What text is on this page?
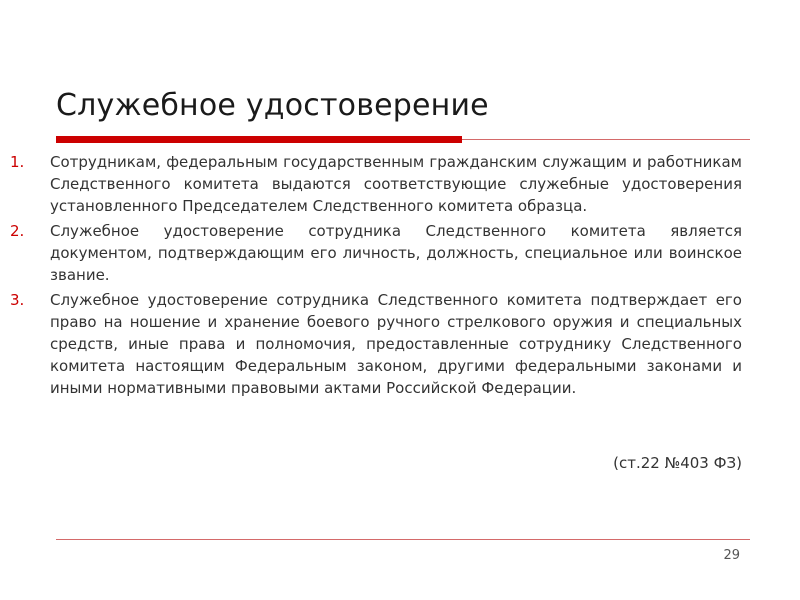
Служебное удостоверение
1.	Сотрудникам, федеральным государственным гражданским служащим и работникам Следственного комитета выдаются соответствующие служебные удостоверения установленного Председателем Следственного комитета образца.
2.	Служебное удостоверение сотрудника Следственного комитета является документом, подтверждающим его личность, должность, специальное или воинское звание.
3.	Служебное удостоверение сотрудника Следственного комитета подтверждает его право на ношение и хранение боевого ручного стрелкового оружия и специальных средств, иные права и полномочия, предоставленные сотруднику Следственного комитета настоящим Федеральным законом, другими федеральными законами и иными нормативными правовыми актами Российской Федерации.
(ст.22 №403 ФЗ)
29
